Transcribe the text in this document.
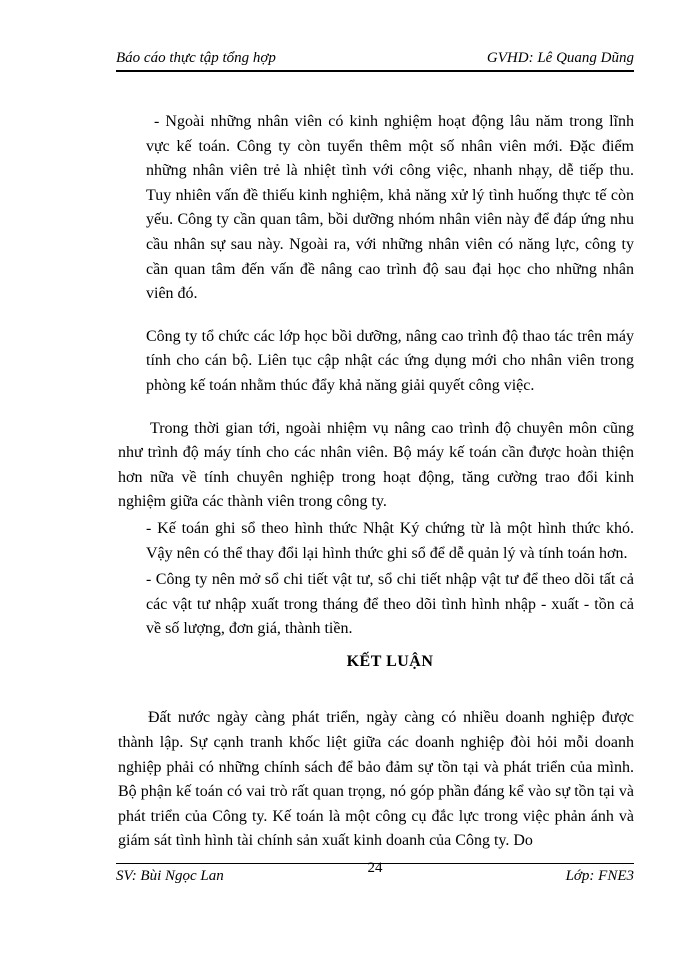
Báo cáo thực tập tổng hợp	GVHD: Lê Quang Dũng

- Ngoài những nhân viên có kinh nghiệm hoạt động lâu năm trong lĩnh vực kế toán. Công ty còn tuyển thêm một số nhân viên mới. Đặc điểm những nhân viên trẻ là nhiệt tình với công việc, nhanh nhạy, dễ tiếp thu. Tuy nhiên vấn đề thiếu kinh nghiệm, khả năng xử lý tình huống thực tế còn yếu. Công ty cần quan tâm, bồi dưỡng nhóm nhân viên này để đáp ứng nhu cầu nhân sự sau này. Ngoài ra, với những nhân viên có năng lực, công ty cần quan tâm đến vấn đề nâng cao trình độ sau đại học cho những nhân viên đó.

Công ty tổ chức các lớp học bồi dưỡng, nâng cao trình độ thao tác trên máy tính cho cán bộ. Liên tục cập nhật các ứng dụng mới cho nhân viên trong phòng kế toán nhằm thúc đẩy khả năng giải quyết công việc.

Trong thời gian tới, ngoài nhiệm vụ nâng cao trình độ chuyên môn cũng như trình độ máy tính cho các nhân viên. Bộ máy kế toán cần được hoàn thiện hơn nữa về tính chuyên nghiệp trong hoạt động, tăng cường trao đổi kinh nghiệm giữa các thành viên trong công ty.

- Kế toán ghi sổ theo hình thức Nhật Ký chứng từ là một hình thức khó. Vậy nên có thể thay đổi lại hình thức ghi sổ để dễ quản lý và tính toán hơn.

- Công ty nên mở sổ chi tiết vật tư, sổ chi tiết nhập vật tư để theo dõi tất cả các vật tư nhập xuất trong tháng để theo dõi tình hình nhập - xuất - tồn cả về số lượng, đơn giá, thành tiền.

KẾT LUẬN

Đất nước ngày càng phát triển, ngày càng có nhiều doanh nghiệp được thành lập. Sự cạnh tranh khốc liệt giữa các doanh nghiệp đòi hỏi mỗi doanh nghiệp phải có những chính sách để bảo đảm sự tồn tại và phát triển của mình. Bộ phận kế toán có vai trò rất quan trọng, nó góp phần đáng kể vào sự tồn tại và phát triển của Công ty. Kế toán là một công cụ đắc lực trong việc phản ánh và giám sát tình hình tài chính sản xuất kinh doanh của Công ty. Do

SV: Bùi Ngọc Lan	24	Lớp: FNE3
